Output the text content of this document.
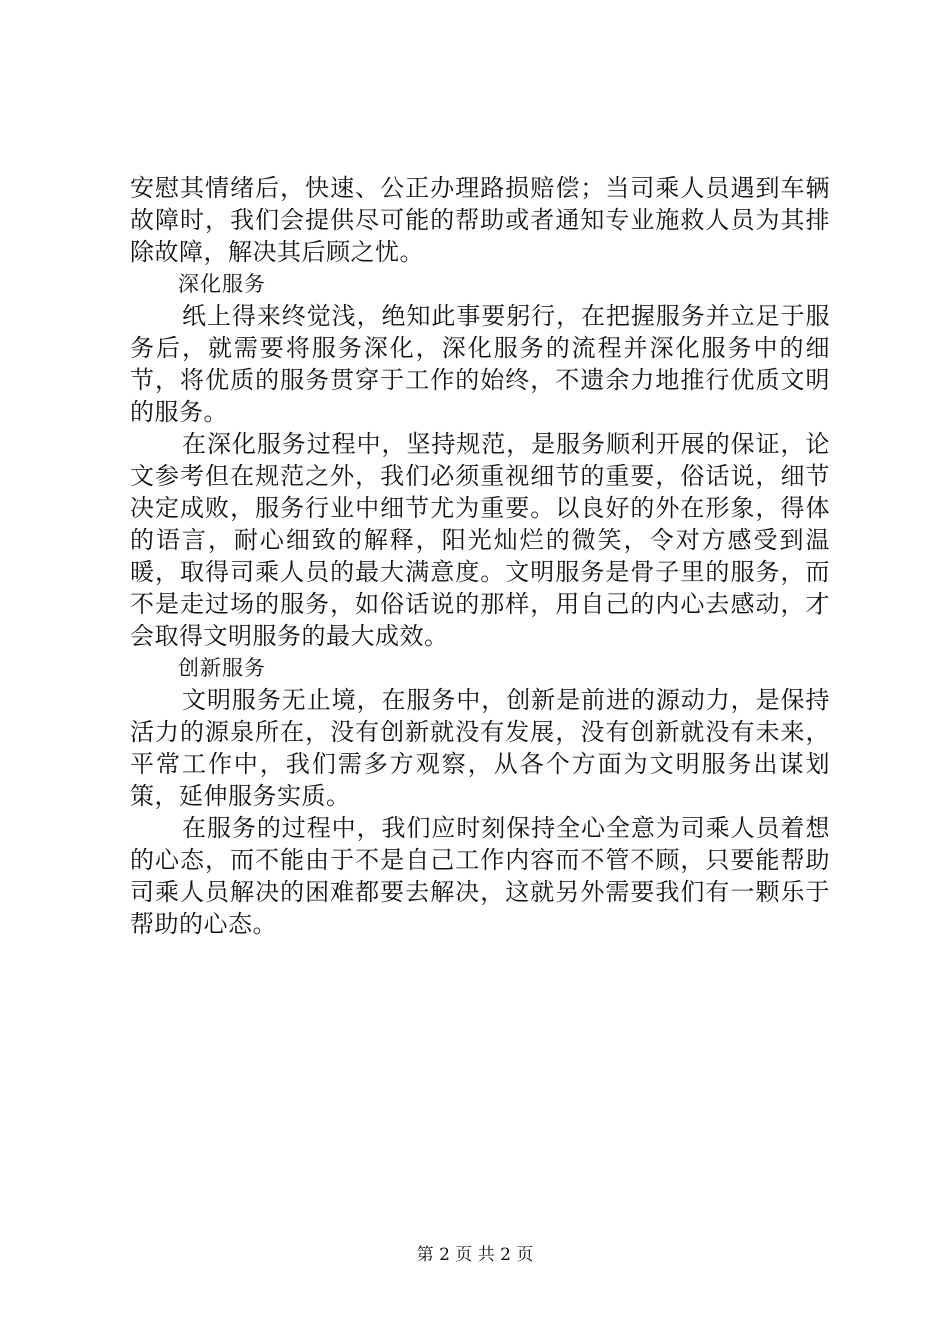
安慰其情绪后，快速、公正办理路损赔偿；当司乘人员遇到车辆故障时，我们会提供尽可能的帮助或者通知专业施救人员为其排除故障，解决其后顾之忧。

深化服务

纸上得来终觉浅，绝知此事要躬行，在把握服务并立足于服务后，就需要将服务深化，深化服务的流程并深化服务中的细节，将优质的服务贯穿于工作的始终，不遗余力地推行优质文明的服务。

在深化服务过程中，坚持规范，是服务顺利开展的保证，论文参考但在规范之外，我们必须重视细节的重要，俗话说，细节决定成败，服务行业中细节尤为重要。以良好的外在形象，得体的语言，耐心细致的解释，阳光灿烂的微笑，令对方感受到温暖，取得司乘人员的最大满意度。文明服务是骨子里的服务，而不是走过场的服务，如俗话说的那样，用自己的内心去感动，才会取得文明服务的最大成效。

创新服务

文明服务无止境，在服务中，创新是前进的源动力，是保持活力的源泉所在，没有创新就没有发展，没有创新就没有未来，平常工作中，我们需多方观察，从各个方面为文明服务出谋划策，延伸服务实质。

在服务的过程中，我们应时刻保持全心全意为司乘人员着想的心态，而不能由于不是自己工作内容而不管不顾，只要能帮助司乘人员解决的困难都要去解决，这就另外需要我们有一颗乐于帮助的心态。

第 2 页 共 2 页
